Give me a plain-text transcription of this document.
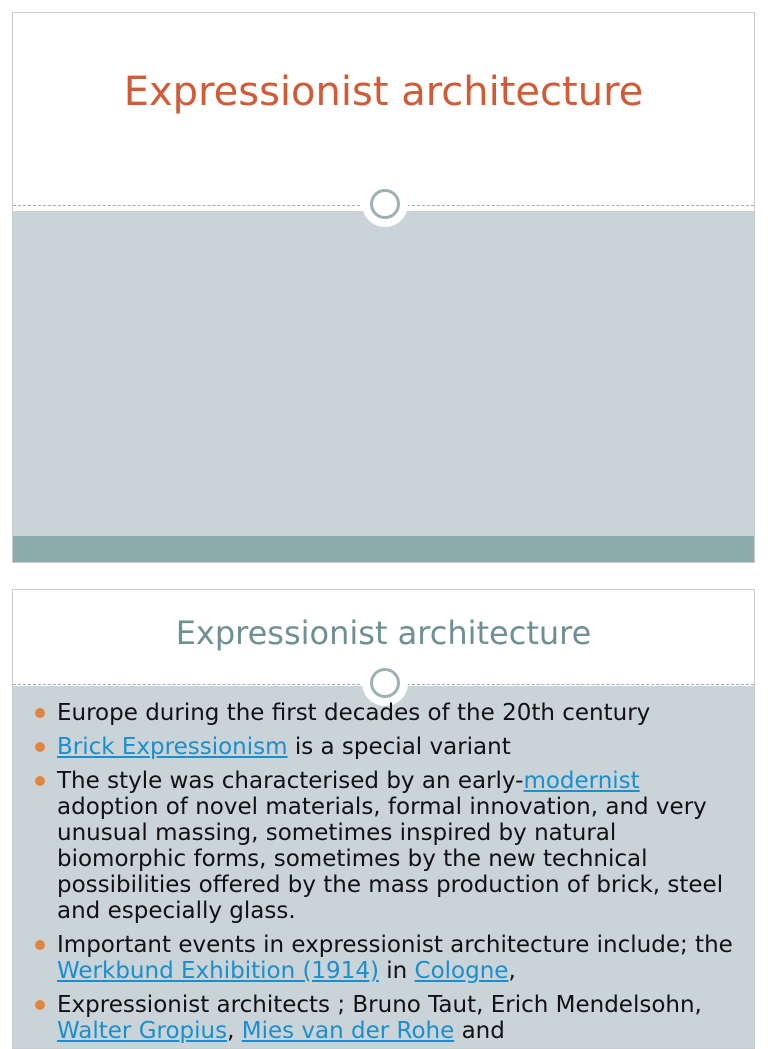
Expressionist architecture
Expressionist architecture
Europe during the first decades of the 20th century
Brick Expressionism is a special variant
The style was characterised by an early-modernist adoption of novel materials, formal innovation, and very unusual massing, sometimes inspired by natural biomorphic forms, sometimes by the new technical possibilities offered by the mass production of brick, steel and especially glass.
Important events in expressionist architecture include; the Werkbund Exhibition (1914) in Cologne,
Expressionist architects ; Bruno Taut, Erich Mendelsohn, Walter Gropius, Mies van der Rohe and
